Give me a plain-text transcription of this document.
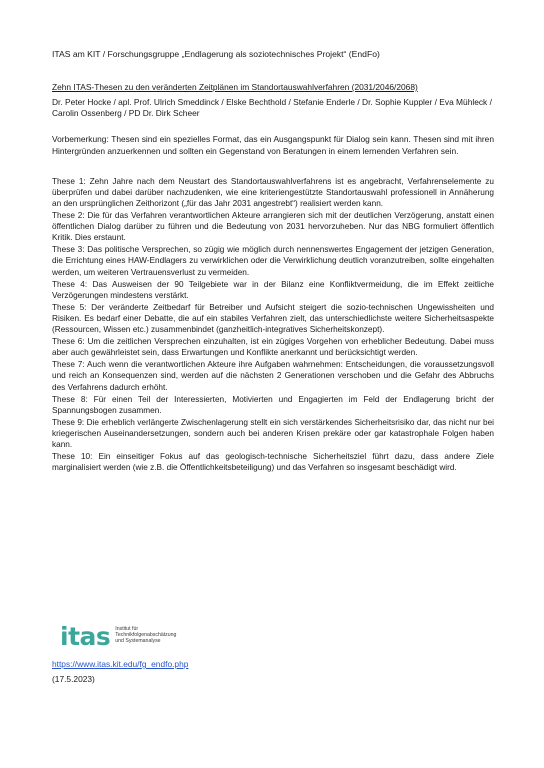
ITAS am KIT / Forschungsgruppe „Endlagerung als soziotechnisches Projekt“ (EndFo)

Zehn ITAS-Thesen zu den veränderten Zeitplänen im Standortauswahlverfahren (2031/2046/2068)

Dr. Peter Hocke / apl. Prof. Ulrich Smeddinck / Elske Bechthold / Stefanie Enderle / Dr. Sophie Kuppler / Eva Mühleck / Carolin Ossenberg / PD Dr. Dirk Scheer

Vorbemerkung: Thesen sind ein spezielles Format, das ein Ausgangspunkt für Dialog sein kann. Thesen sind mit ihren Hintergründen anzuerkennen und sollten ein Gegenstand von Beratungen in einem lernenden Verfahren sein.

These 1: Zehn Jahre nach dem Neustart des Standortauswahlverfahrens ist es angebracht, Verfahrenselemente zu überprüfen und dabei darüber nachzudenken, wie eine kriteriengestützte Standortauswahl professionell in Annäherung an den ursprünglichen Zeithorizont („für das Jahr 2031 angestrebt“) realisiert werden kann.

These 2: Die für das Verfahren verantwortlichen Akteure arrangieren sich mit der deutlichen Verzögerung, anstatt einen öffentlichen Dialog darüber zu führen und die Bedeutung von 2031 hervorzuheben. Nur das NBG formuliert öffentlich Kritik. Dies erstaunt.

These 3: Das politische Versprechen, so zügig wie möglich durch nennenswertes Engagement der jetzigen Generation, die Errichtung eines HAW-Endlagers zu verwirklichen oder die Verwirklichung deutlich voranzutreiben, sollte eingehalten werden, um weiteren Vertrauensverlust zu vermeiden.

These 4: Das Ausweisen der 90 Teilgebiete war in der Bilanz eine Konfliktvermeidung, die im Effekt zeitliche Verzögerungen mindestens verstärkt.

These 5: Der veränderte Zeitbedarf für Betreiber und Aufsicht steigert die sozio-technischen Ungewissheiten und Risiken. Es bedarf einer Debatte, die auf ein stabiles Verfahren zielt, das unterschiedlichste weitere Sicherheitsaspekte (Ressourcen, Wissen etc.) zusammenbindet (ganzheitlich-integratives Sicherheitskonzept).

These 6: Um die zeitlichen Versprechen einzuhalten, ist ein zügiges Vorgehen von erheblicher Bedeutung. Dabei muss aber auch gewährleistet sein, dass Erwartungen und Konflikte anerkannt und berücksichtigt werden.

These 7: Auch wenn die verantwortlichen Akteure ihre Aufgaben wahrnehmen: Entscheidungen, die voraussetzungsvoll und reich an Konsequenzen sind, werden auf die nächsten 2 Generationen verschoben und die Gefahr des Abbruchs des Verfahrens dadurch erhöht.

These 8: Für einen Teil der Interessierten, Motivierten und Engagierten im Feld der Endlagerung bricht der Spannungsbogen zusammen.

These 9: Die erheblich verlängerte Zwischenlagerung stellt ein sich verstärkendes Sicherheitsrisiko dar, das nicht nur bei kriegerischen Auseinandersetzungen, sondern auch bei anderen Krisen prekäre oder gar katastrophale Folgen haben kann.

These 10: Ein einseitiger Fokus auf das geologisch-technische Sicherheitsziel führt dazu, dass andere Ziele marginalisiert werden (wie z.B. die Öffentlichkeitsbeteiligung) und das Verfahren so insgesamt beschädigt wird.

itas Institut für
Technikfolgenabschätzung
und Systemanalyse
https://www.itas.kit.edu/fg_endfo.php
(17.5.2023)
